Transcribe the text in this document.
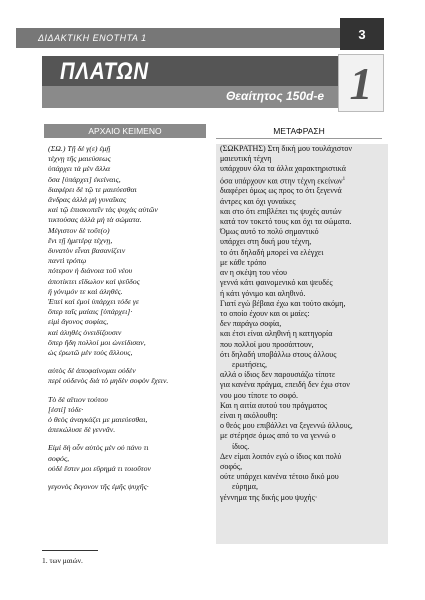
ΔΙΔΑΚΤΙΚΗ ΕΝΟΤΗΤΑ 1	3
ΠΛΑΤΩΝ
Θεαίτητος 150d-e 1
ΑΡΧΑΙΟ ΚΕΙΜΕΝΟ	ΜΕΤΑΦΡΑΣΗ
(ΣΩ.) Τῇ δέ γ(ε) ἐμῇ
τέχνῃ τῆς μαιεύσεως
ὑπάρχει τὰ μὲν ἄλλα
ὅσα [ὑπάρχει] ἐκείναις,
διαφέρει δὲ τῷ τε μαιεύεσθαι
ἄνδρας ἀλλὰ μὴ γυναῖκας
καὶ τῷ ἐπισκοπεῖν τὰς ψυχὰς αὐτῶν
τικτούσας ἀλλὰ μὴ τὰ σώματα.
Μέγιστον δὲ τοῦτ(ο)
ἔνι τῇ ἡμετέρᾳ τέχνῃ,
δυνατὸν εἶναι βασανίζειν
παντὶ τρόπῳ
πότερον ἡ διάνοια τοῦ νέου
ἀποτίκτει εἴδωλον καὶ ψεῦδος
ἢ γόνιμόν τε καὶ ἀληθές.
Ἐπεὶ καὶ ἐμοὶ ὑπάρχει τόδε γε
ὅπερ ταῖς μαίαις [ὑπάρχει]·
εἰμὶ ἄγονος σοφίας,
καὶ ἀληθὲς ὀνειδίζουσιν
ὅπερ ἤδη πολλοί μοι ὠνείδισαν,
ὡς ἐρωτῶ μὲν τοὺς ἄλλους,
αὐτὸς δὲ ἀποφαίνομαι οὐδὲν
περὶ οὐδενὸς διὰ τὸ μηδὲν σοφὸν ἔχειν.
Τὸ δὲ αἴτιον τούτου
[ἐστί] τόδε·
ὁ θεὸς ἀναγκάζει με μαιεύεσθαι,
ἀπεκώλυσε δὲ γεννᾶν.
Εἰμὶ δὴ οὖν αὐτὸς μὲν οὐ πάνυ τι
σοφός,
οὐδέ ἔστιν μοι εὕρημά τι τοιοῦτον
γεγονὸς ἔκγονον τῆς ἐμῆς ψυχῆς·
(ΣΩΚΡΑΤΗΣ) Στη δική μου τουλάχιστον
μαιευτική τέχνη
υπάρχουν όλα τα άλλα χαρακτηριστικά
όσα υπάρχουν και στην τέχνη εκείνων$^1$
διαφέρει όμως ως προς το ότι ξεγεννά
άντρες και όχι γυναίκες
και στο ότι επιβλέπει τις ψυχές αυτών
κατά τον τοκετό τους και όχι τα σώματα.
Όμως αυτό το πολύ σημαντικό
υπάρχει στη δική μου τέχνη,
το ότι δηλαδή μπορεί να ελέγχει
με κάθε τρόπο
αν η σκέψη του νέου
γεννά κάτι φαινομενικό και ψευδές
ή κάτι γόνιμο και αληθινό.
Γιατί εγώ βέβαια έχω και τούτο ακόμη,
το οποίο έχουν και οι μαίες:
δεν παράγω σοφία,
και έτσι είναι αληθινή η κατηγορία
που πολλοί μου προσάπτουν,
ότι δηλαδή υποβάλλω στους άλλους
ερωτήσεις,
αλλά ο ίδιος δεν παρουσιάζω τίποτε
για κανένα πράγμα, επειδή δεν έχω στον
νου μου τίποτε το σοφό.
Και η αιτία αυτού του πράγματος
είναι η ακόλουθη:
ο θεός μου επιβάλλει να ξεγεννώ άλλους,
με στέρησε όμως από το να γεννώ ο
ίδιος.
Δεν είμαι λοιπόν εγώ ο ίδιος και πολύ
σοφός,
ούτε υπάρχει κανένα τέτοιο δικό μου
εύρημα,
γέννημα της δικής μου ψυχής·
1. των μαιών.
